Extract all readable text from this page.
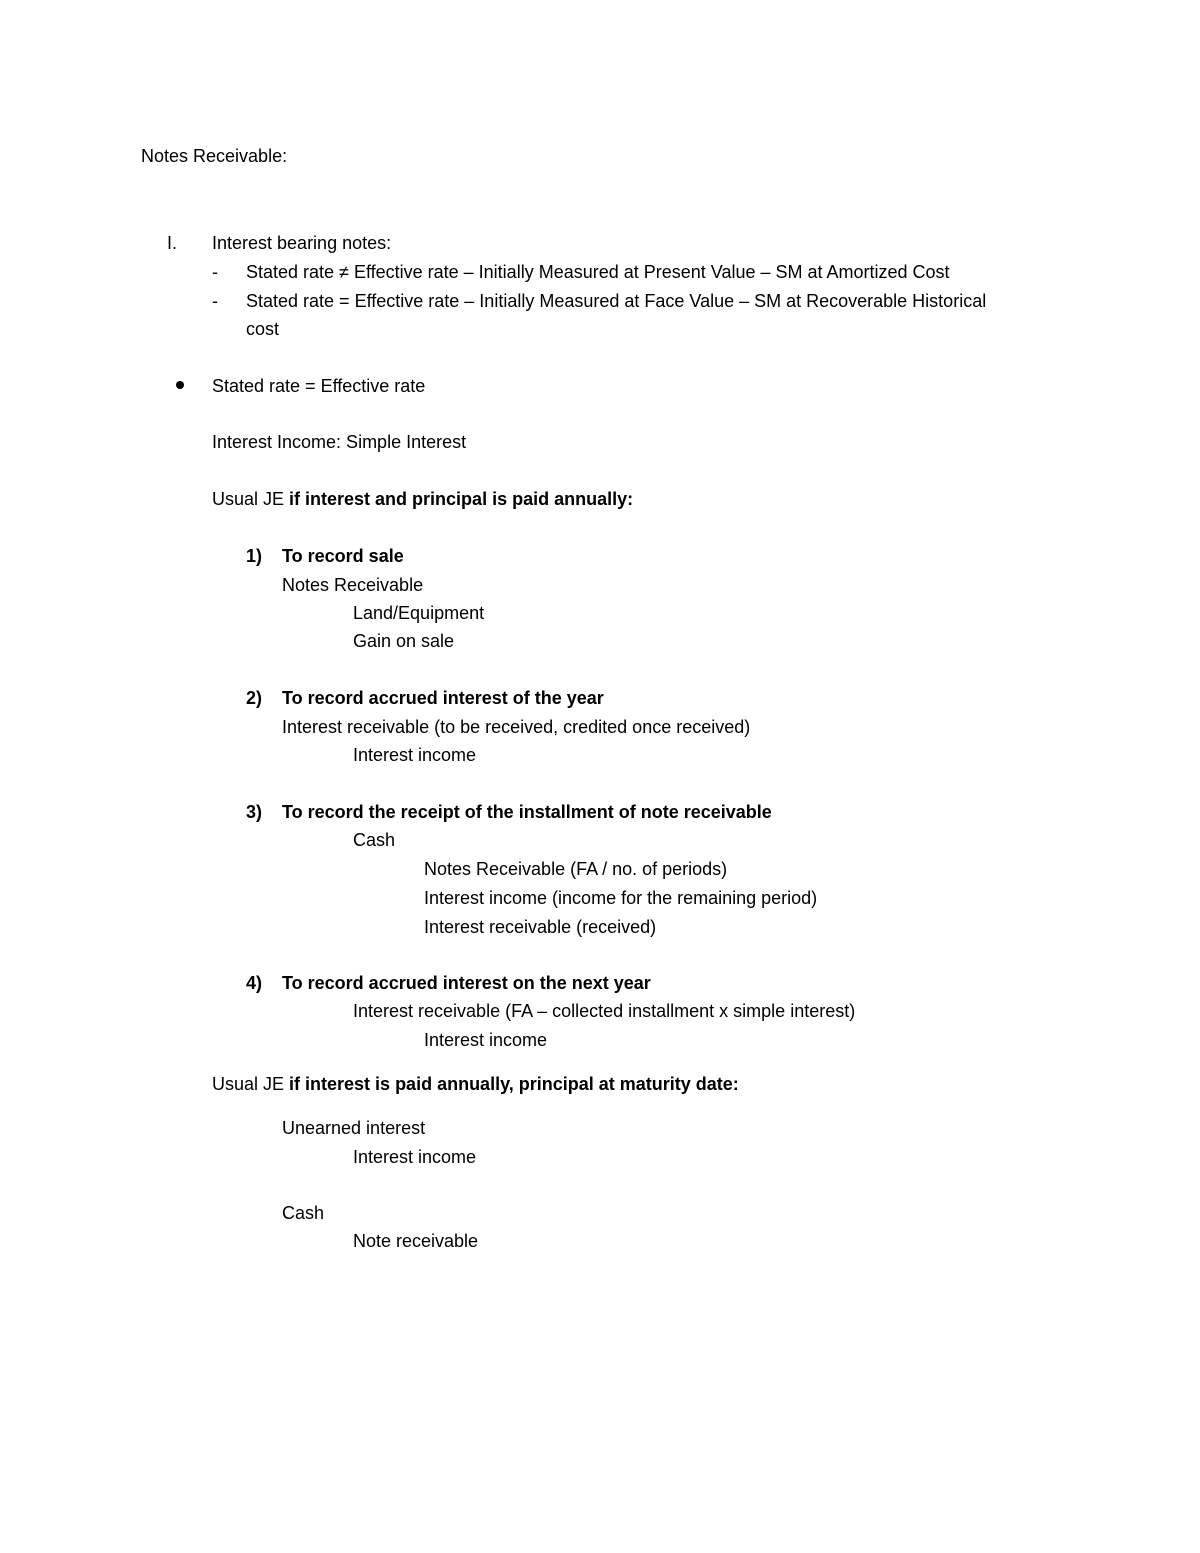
Notes Receivable:

I. Interest bearing notes:

- Stated rate ≠ Effective rate – Initially Measured at Present Value – SM at Amortized Cost

- Stated rate = Effective rate – Initially Measured at Face Value – SM at Recoverable Historical

cost

Stated rate = Effective rate

Interest Income: Simple Interest

Usual JE if interest and principal is paid annually:

1) To record sale

Notes Receivable

Land/Equipment

Gain on sale

2) To record accrued interest of the year

Interest receivable (to be received, credited once received)

Interest income

3) To record the receipt of the installment of note receivable

Cash

Notes Receivable (FA / no. of periods)

Interest income (income for the remaining period)

Interest receivable (received)

4) To record accrued interest on the next year

Interest receivable (FA – collected installment x simple interest)

Interest income

Usual JE if interest is paid annually, principal at maturity date:

Unearned interest

Interest income

Cash

Note receivable
